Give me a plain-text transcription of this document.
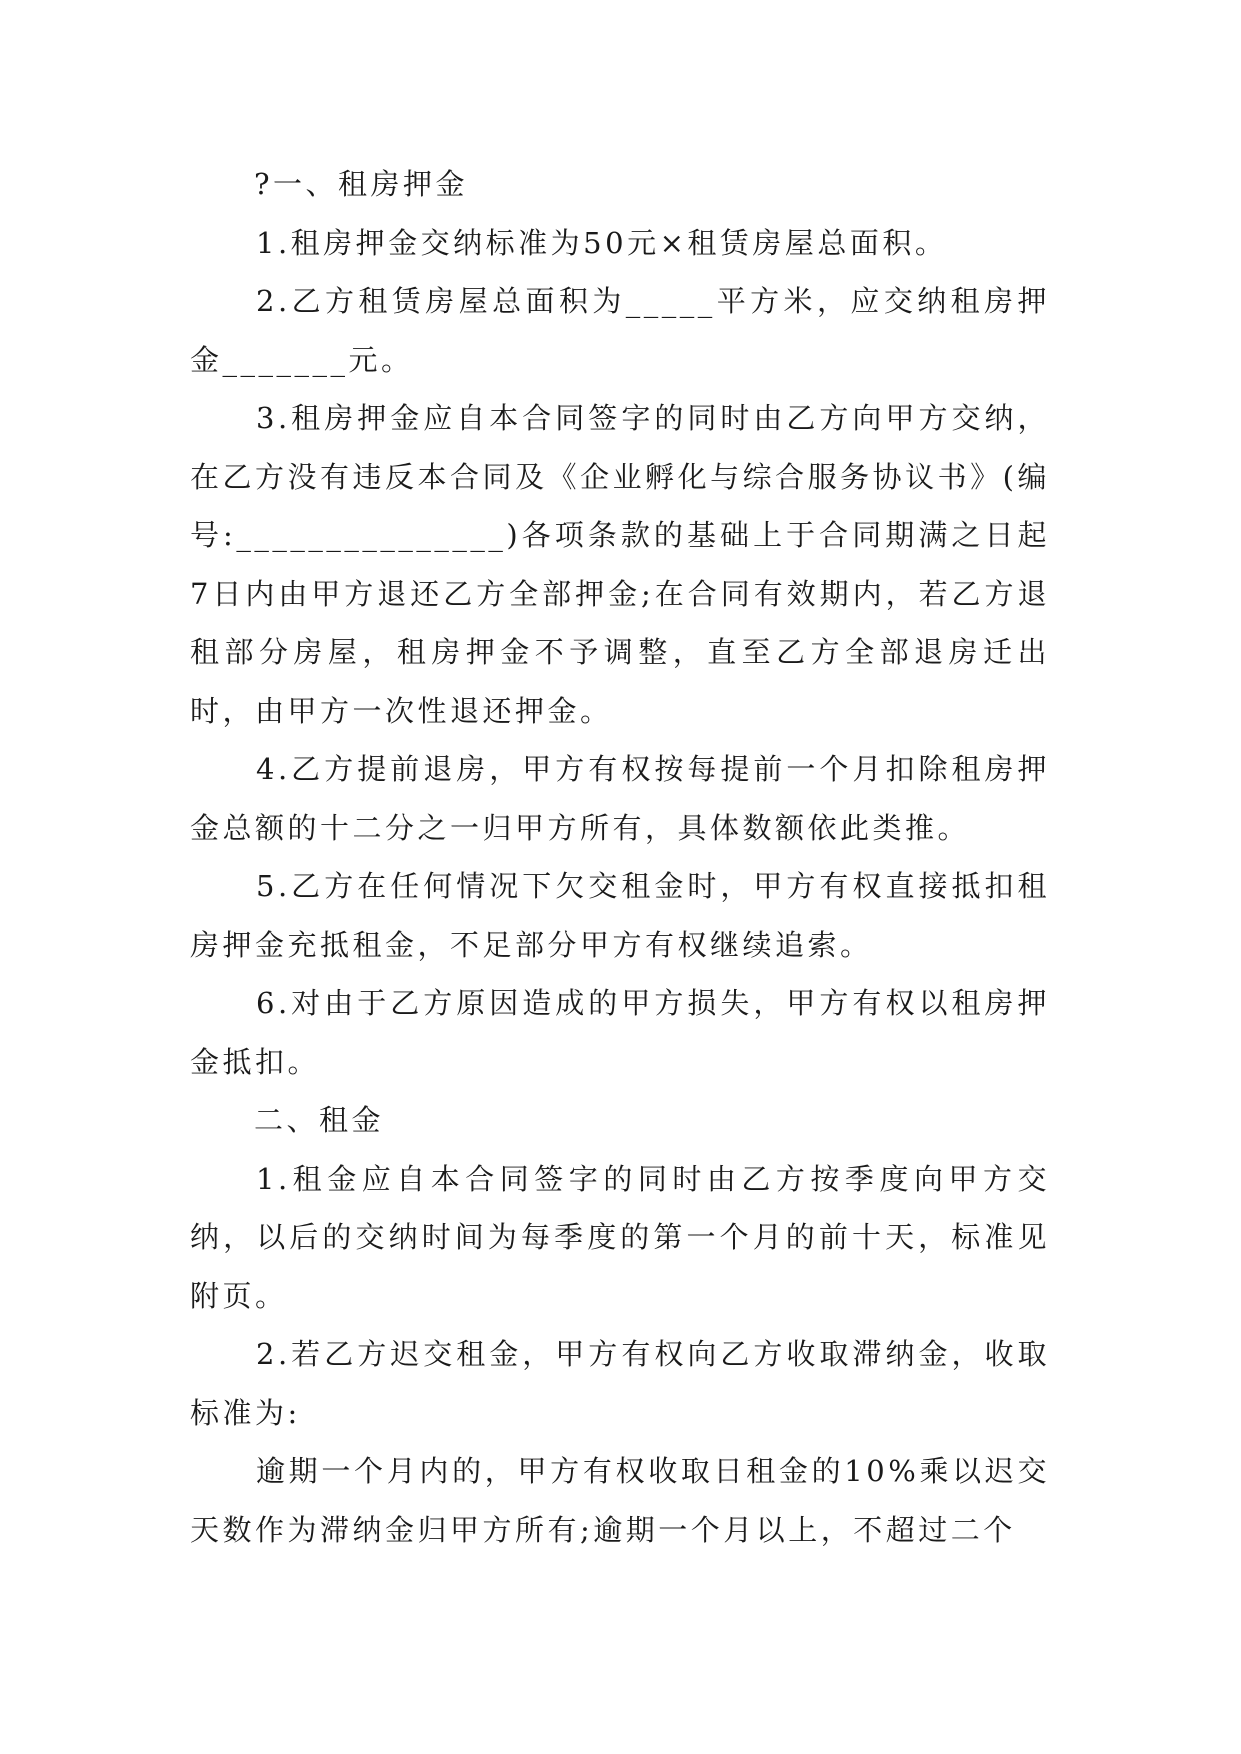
?一、租房押金

1.租房押金交纳标准为50元×租赁房屋总面积。

2.乙方租赁房屋总面积为_____平方米，应交纳租房押金_______元。

3.租房押金应自本合同签字的同时由乙方向甲方交纳，在乙方没有违反本合同及《企业孵化与综合服务协议书》(编号:_______________)各项条款的基础上于合同期满之日起7日内由甲方退还乙方全部押金;在合同有效期内，若乙方退租部分房屋，租房押金不予调整，直至乙方全部退房迁出时，由甲方一次性退还押金。

4.乙方提前退房，甲方有权按每提前一个月扣除租房押金总额的十二分之一归甲方所有，具体数额依此类推。

5.乙方在任何情况下欠交租金时，甲方有权直接抵扣租房押金充抵租金，不足部分甲方有权继续追索。

6.对由于乙方原因造成的甲方损失，甲方有权以租房押金抵扣。

二、租金

1.租金应自本合同签字的同时由乙方按季度向甲方交纳，以后的交纳时间为每季度的第一个月的前十天，标准见附页。

2.若乙方迟交租金，甲方有权向乙方收取滞纳金，收取标准为:

逾期一个月内的，甲方有权收取日租金的10%乘以迟交天数作为滞纳金归甲方所有;逾期一个月以上，不超过二个
